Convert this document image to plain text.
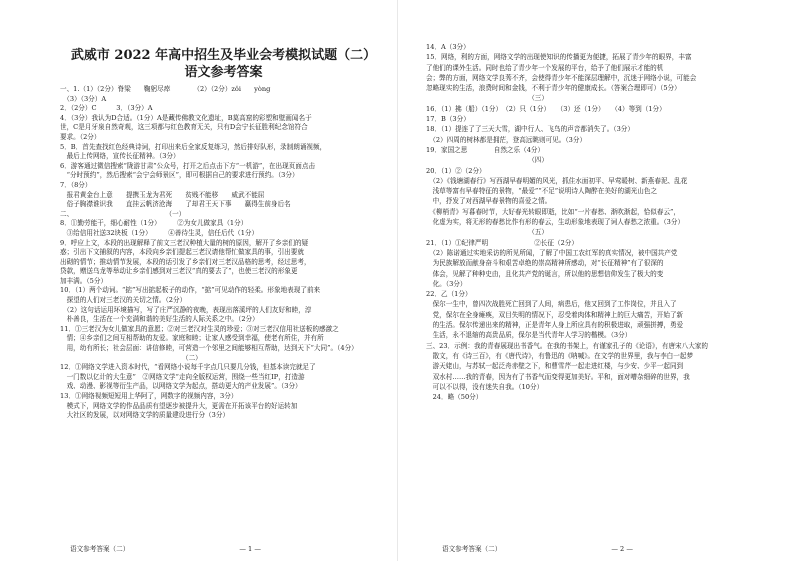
武威市 2022 年高中招生及毕业会考模拟试题（二）
语文参考答案
一、1.（1）（2分）脊梁　　鞠躬尽瘁　　　　（2）（2分）zǒi　　yòng
　（3）（3分）A
2．（2分）C　　　3．（3分）A
4．（3分）我认为D合适。（1分）A是藏传佛教文化遗址，B莫高窟的彩塑和壁画闻名于
世，C是月牙泉自然奇观，这三项都与红色教育无关，只有D会宁长征胜利纪念馆符合
要求。（2分）
5．B．首先查找红色经典诗词，打印出来后全家反复练习，然后排好队形，录制朗诵视频，
　最后上传网络，宣传长征精神。（3分）
6．游客通过微信搜索“陇游甘肃”公众号，打开之后点击下方“一机游”，在出现页面点击
　“分时预约”，然后搜索“会宁会师景区”，即可根据自己的要求进行预约。（3分）
7．（8分）
　报君黄金台上意　　提携玉龙为君死　　贫贱不能移　　威武不能屈
　俗子胸襟谁识我　　直挂云帆济沧海　　了却君王天下事　　赢得生前身后名
二、　　　　　　　　　　　　　　　（一）
8．①勤劳能干，细心耐性（1分）　　　②为女儿做家具（1分）
　③给信用社送32块板（1分）　　　④善待生灵，信任后代（1分）
9．呼应上文，本段的出现解释了前文三老汉种植大量的树的原因，解开了乡亲们的疑
惑；引出下文捕叙的内容，本段向乡亲们提起三老汉请他帮忙做家具的事，引出要就
出砌的情节；推动情节发展，本段的话引发了乡亲们对三老汉品格的思考，经过思考，
贷款，赠送乌龙等举动让乡亲们感到对三老汉“真的要去了”，也使三老汉的形象更
加丰满。（5分）
10．（1）两个动词。“掂”写出掂起板子的动作，“掂”可见动作的轻柔。形象地表现了前来
　探望的人们对三老汉的关切之情。（2分）
　（2）这句话运用环境描写，写了庄严沉静的夜晚，表现出落溪坪的人们友好和睦，淳
　朴善良，生活在一个充满和谐的美好生活的人际关系之中。（2分）
11．①三老汉为女儿做家具的意愿；②对三老汉对生灵的珍爱；③对三老汉信用社送板的感激之
　情；④乡亲们之间互相帮助的友爱。家庭和睦；让家人感受到幸福，使老有所住，并有所
　用，幼有所长；社会层面：讲信修睦，可营造一个邻里之间能够相互帮助，达到天下“大同”。（4分）
　　　　　　　　　　　　　　　　　　　（二）
12．①网络文学进入资本时代，“看网络小说每千字点几只要几分钱，但基本读完就足了
　一门数以亿计的大生意”　②网络文学“走向全版权运营，围绕一些当红IP，打造游
　戏、动漫、影视等衍生产品，以网络文学为起点，搭动更大的产业发展”。（3分）
13．①网络视频短短用上华阿了，网数字的视频内容，3分）
　模式下，网络文学的作品品质有望逐步被提升大，更需在开拓该平台的好运转加
　大社区的发展，以对网络文学的质量建设进行分（3分）
语文参考答案（二）	— 1 —
14．A（3分）
15．网络，利的方面，网络文学的出现使知识的传播更为便捷，拓展了青少年的眼界，丰富
了他们的课外生活。同时也给了青少年一个发展的平台，给予了他们展示才能的机
会；弊的方面，网络文学良莠不齐，会使得青少年不能深层理解中，沉迷于网络小说，可能会
忽略现实的生活，浪费时间和金钱，不利于青少年的健康成长。（答案合理即可）（5分）
　　　　　　　　　　　　　　　　（三）
16．（1）拂（船）（1分）　（2）只（1分）　　（3）还（1分）　　（4）等到（1分）
17．B（3分）
18．（1）提连了了三天大雪，湖中行人、飞鸟的声音都消失了。（3分）
　（2）四周的树林都是拥茫，登高远眺则可见。（3分）
19．家国之思　　　　自然之乐（4分）
　　　　　　　　　　　　　　　　（四）
20．（1）②（2分）
　（2）《钱塘湖春行》写西湖早春明媚的风光，抓住水面初平、早莺暖树、新燕春泥、乱花
　浅草等富有早春特征的景物，“最爱”“不足”说明诗人陶醉在美好的湖光山色之
　中，抒发了对西湖早春景物的喜爱之情。
　《柳梢青》写暮春时节，大好春光转眼即逝，比如“一片春愁、渐吹渐起，恰似春云”，
　化虚为实，将无形的春愁比作有形的春云，生动形象地表现了词人春愁之浓重。（3分）
　　　　　　　　　　　　　　　　（五）
21．（1）①纪律严明　　　　　　　②长征（2分）
　（2）陈诺通过实地采访的所见所闻，了解了中国工农红军的真实情况，被中国共产党
　为民族解放而献身奋斗和艰苦卓绝的崇高精神所感动，对“长征精神”有了很深的
　体会，见解了种种史由，且化共产党的诞言，所以他的思想信仰发生了极大的变
　化。（3分）
22．乙（1分）
　保尔一生中，曾四次战胜死亡回到了人间，病患后，他又回到了工作岗位，并且入了
　党，保尔在全身瘫痪，双目失明的情况下，忍受着肉体和精神上的巨大痛苦，开始了新
　的生活。保尔传递出来的精神，正是青年人身上所应具有的积极进取，顽强拼搏，勇爱
　生活，永不退缩的高贵品质，保尔是当代青年人学习的楷模。（3分）
三、23．示例：我的青春展现出书香气。在我的书架上，有谨家孔子的《论语》，有唐宋八大家的
　散文，有《诗三百》，有《唐代诗》，有鲁迅的《呐喊》。在文学的世界里，我与李白一起梦
　游天姥山，与苏轼一起泛舟赤壁之下，和曹雪芹一起走进红楼，与少安、少平一起同到
　双水村……我的青春，因为有了书香气而变得更加美好。平和，面对嘈杂细碎的世界，我
　可以不以得，没有迷失自我。（10分）
　24．略（50分）
语文参考答案（二）	— 2 —
